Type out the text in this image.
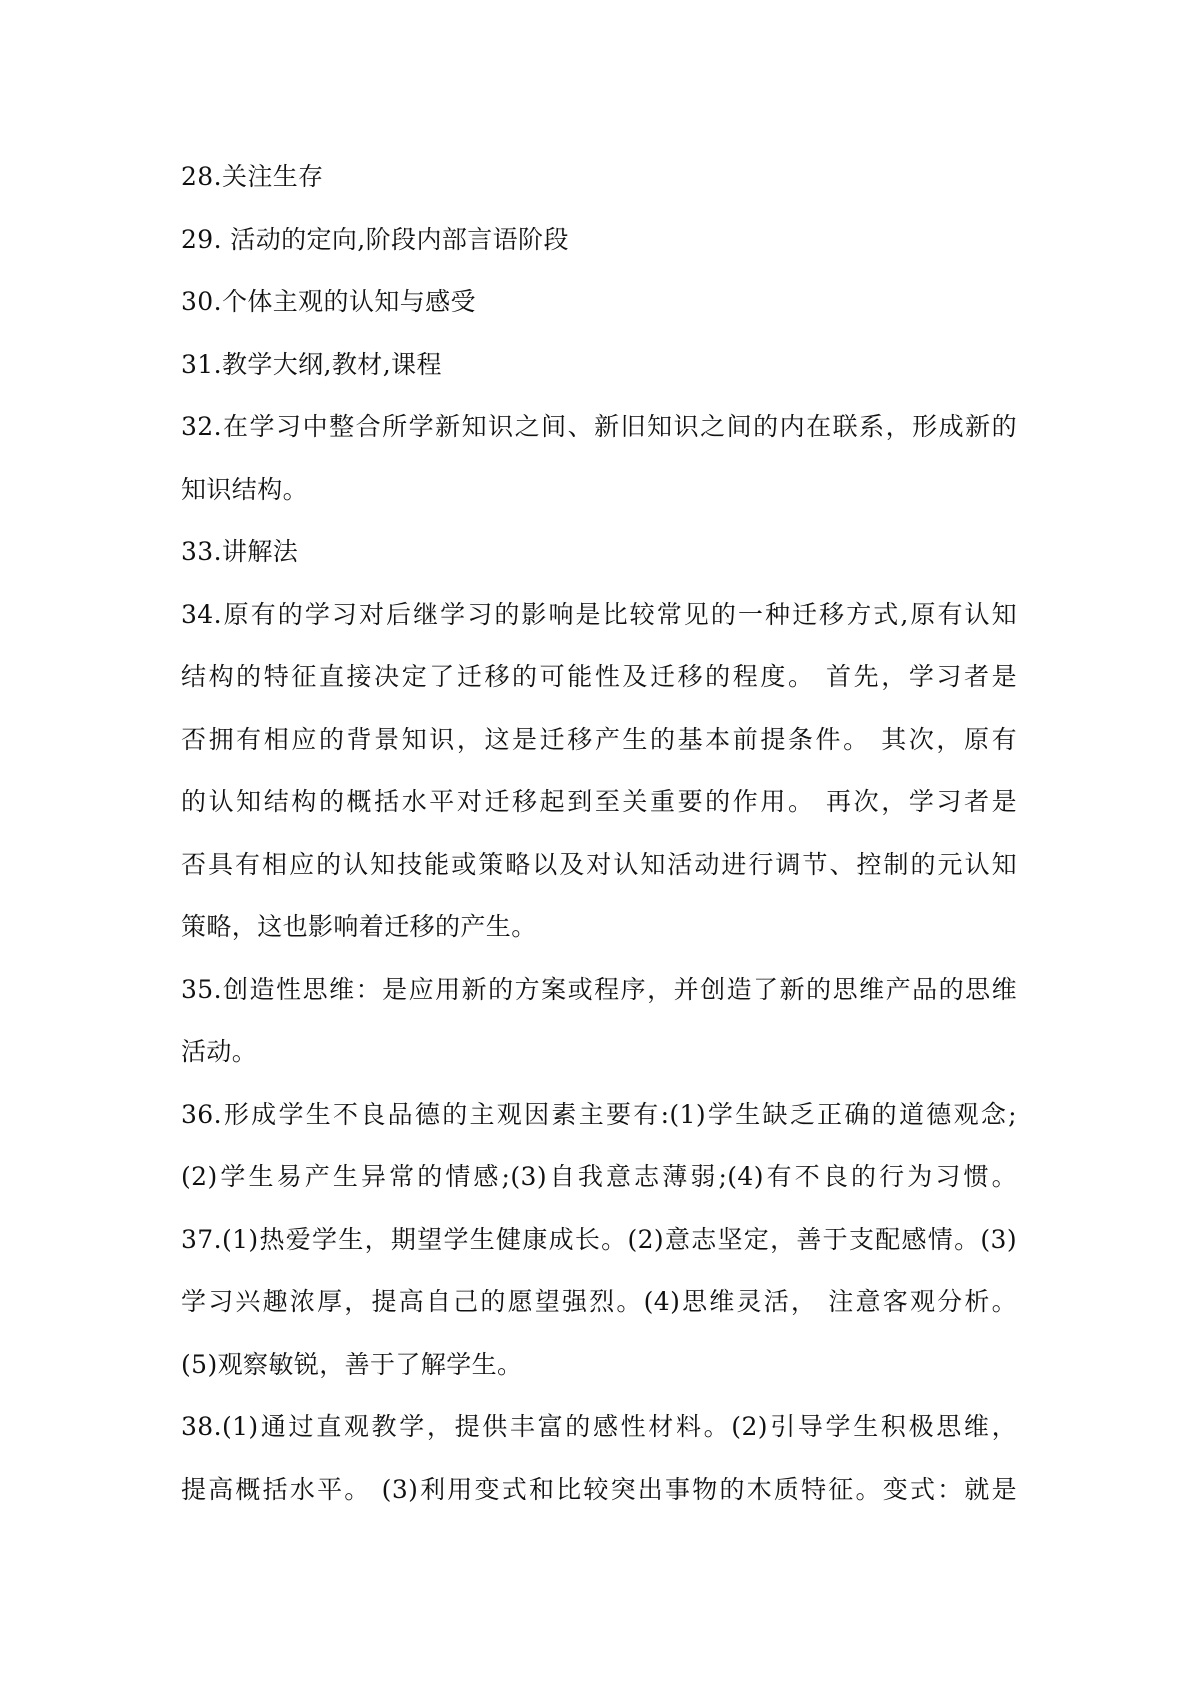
28.关注生存
29. 活动的定向,阶段内部言语阶段
30.个体主观的认知与感受
31.教学大纲,教材,课程
32.在学习中整合所学新知识之间、新旧知识之间的内在联系，形成新的
知识结构。
33.讲解法
34.原有的学习对后继学习的影响是比较常见的一种迁移方式,原有认知
结构的特征直接决定了迁移的可能性及迁移的程度。 首先，学习者是
否拥有相应的背景知识，这是迁移产生的基本前提条件。 其次，原有
的认知结构的概括水平对迁移起到至关重要的作用。 再次，学习者是
否具有相应的认知技能或策略以及对认知活动进行调节、控制的元认知
策略，这也影响着迁移的产生。
35.创造性思维：是应用新的方案或程序，并创造了新的思维产品的思维
活动。
36.形成学生不良品德的主观因素主要有:(1)学生缺乏正确的道德观念;
(2)学生易产生异常的情感;(3)自我意志薄弱;(4)有不良的行为习惯。
37.(1)热爱学生，期望学生健康成长。(2)意志坚定，善于支配感情。(3)
学习兴趣浓厚，提高自己的愿望强烈。(4)思维灵活， 注意客观分析。
(5)观察敏锐，善于了解学生。
38.(1)通过直观教学，提供丰富的感性材料。(2)引导学生积极思维，
提高概括水平。 (3)利用变式和比较突出事物的木质特征。变式：就是
